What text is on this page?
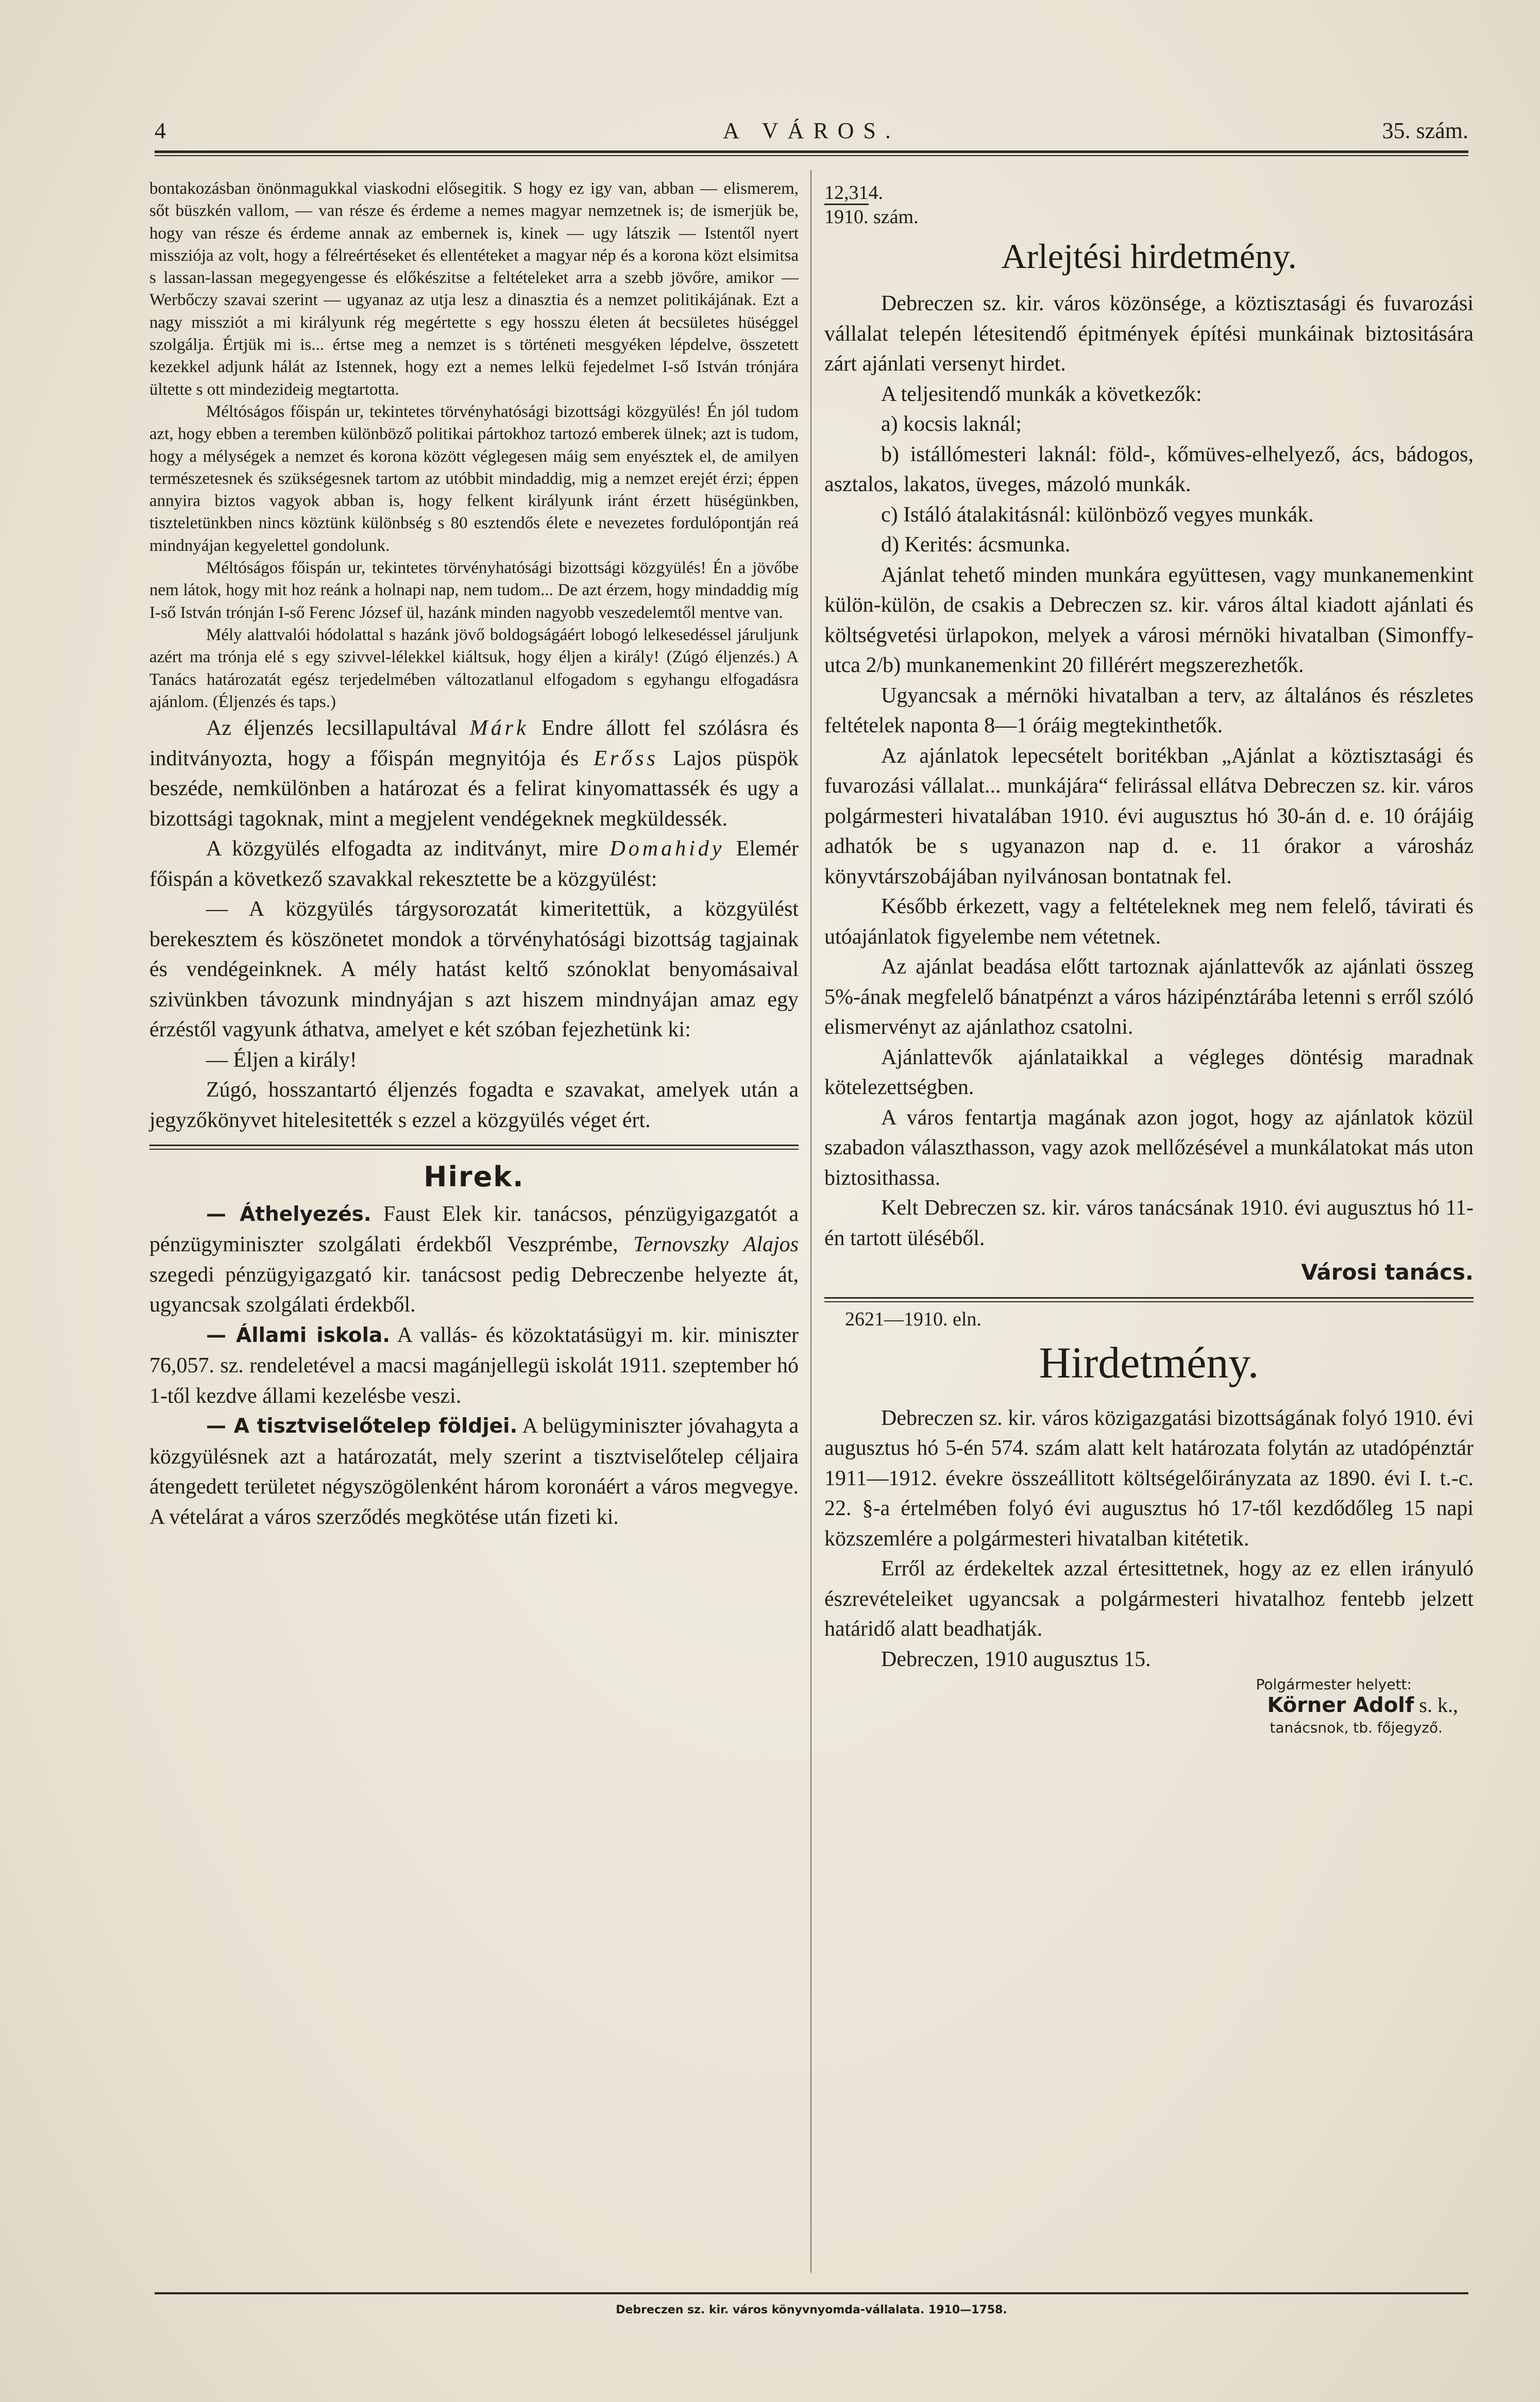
4	A VÁROS.	35. szám.

bontakozásban önönmagukkal viaskodni elősegitik. S hogy ez igy van, abban — elismerem, sőt büszkén vallom, — van része és érdeme a nemes magyar nemzetnek is; de ismerjük be, hogy van része és érdeme annak az embernek is, kinek — ugy látszik — Istentől nyert missziója az volt, hogy a félreértéseket és ellentéteket a magyar nép és a korona közt elsimitsa s lassan-lassan megegyengesse és előkészitse a feltételeket arra a szebb jövőre, amikor — Werbőczy szavai szerint — ugyanaz az utja lesz a dinasztia és a nemzet politikájának. Ezt a nagy missziót a mi királyunk rég megértette s egy hosszu életen át becsületes hüséggel szolgálja. Értjük mi is... értse meg a nemzet is s történeti mesgyéken lépdelve, összetett kezekkel adjunk hálát az Istennek, hogy ezt a nemes lelkü fejedelmet I-ső István trónjára ültette s ott mindezideig megtartotta.

Méltóságos főispán ur, tekintetes törvényhatósági bizottsági közgyülés! Én jól tudom azt, hogy ebben a teremben különböző politikai pártokhoz tartozó emberek ülnek; azt is tudom, hogy a mélységek a nemzet és korona között véglegesen máig sem enyésztek el, de amilyen természetesnek és szükségesnek tartom az utóbbit mindaddig, mig a nemzet erejét érzi; éppen annyira biztos vagyok abban is, hogy felkent királyunk iránt érzett hüségünkben, tiszteletünkben nincs köztünk különbség s 80 esztendős élete e nevezetes fordulópontján reá mindnyájan kegyelettel gondolunk.

Méltóságos főispán ur, tekintetes törvényhatósági bizottsági közgyülés! Én a jövőbe nem látok, hogy mit hoz reánk a holnapi nap, nem tudom... De azt érzem, hogy mindaddig míg I-ső István trónján I-ső Ferenc József ül, hazánk minden nagyobb veszedelemtől mentve van.

Mély alattvalói hódolattal s hazánk jövő boldogságáért lobogó lelkesedéssel járuljunk azért ma trónja elé s egy szivvel-lélekkel kiáltsuk, hogy éljen a király! (Zúgó éljenzés.) A Tanács határozatát egész terjedelmében változatlanul elfogadom s egyhangu elfogadásra ajánlom. (Éljenzés és taps.)

Az éljenzés lecsillapultával Márk Endre állott fel szólásra és inditványozta, hogy a főispán megnyitója és Erőss Lajos püspök beszéde, nemkülönben a határozat és a felirat kinyomattassék és ugy a bizottsági tagoknak, mint a megjelent vendégeknek megküldessék.

A közgyülés elfogadta az inditványt, mire Domahidy Elemér főispán a következő szavakkal rekesztette be a közgyülést:

— A közgyülés tárgysorozatát kimeritettük, a közgyülést berekesztem és köszönetet mondok a törvényhatósági bizottság tagjainak és vendégeinknek. A mély hatást keltő szónoklat benyomásaival szivünkben távozunk mindnyájan s azt hiszem mindnyájan amaz egy érzéstől vagyunk áthatva, amelyet e két szóban fejezhetünk ki:

— Éljen a király!

Zúgó, hosszantartó éljenzés fogadta e szavakat, amelyek után a jegyzőkönyvet hitelesitették s ezzel a közgyülés véget ért.

Hirek.

— Áthelyezés. Faust Elek kir. tanácsos, pénzügyigazgatót a pénzügyminiszter szolgálati érdekből Veszprémbe, Ternovszky Alajos szegedi pénzügyigazgató kir. tanácsost pedig Debreczenbe helyezte át, ugyancsak szolgálati érdekből.

— Állami iskola. A vallás- és közoktatásügyi m. kir. miniszter 76,057. sz. rendeletével a macsi magánjellegü iskolát 1911. szeptember hó 1-től kezdve állami kezelésbe veszi.

— A tisztviselőtelep földjei. A belügyminiszter jóvahagyta a közgyülésnek azt a határozatát, mely szerint a tisztviselőtelep céljaira átengedett területet négyszögölenként három koronáért a város megvegye. A vételárat a város szerződés megkötése után fizeti ki.

12,314.
1910. szám.
Arlejtési hirdetmény.

Debreczen sz. kir. város közönsége, a köztisztasági és fuvarozási vállalat telepén létesitendő épitmények építési munkáinak biztositására zárt ajánlati versenyt hirdet.

A teljesitendő munkák a következők:

a) kocsis laknál;

b) istállómesteri laknál: föld-, kőmüves-elhelyező, ács, bádogos, asztalos, lakatos, üveges, mázoló munkák.

c) Istáló átalakitásnál: különböző vegyes munkák.

d) Kerités: ácsmunka.

Ajánlat tehető minden munkára együttesen, vagy munkanemenkint külön-külön, de csakis a Debreczen sz. kir. város által kiadott ajánlati és költségvetési ürlapokon, melyek a városi mérnöki hivatalban (Simonffy-utca 2/b) munkanemenkint 20 fillérért megszerezhetők.

Ugyancsak a mérnöki hivatalban a terv, az általános és részletes feltételek naponta 8—1 óráig megtekinthetők.

Az ajánlatok lepecsételt boritékban „Ajánlat a köztisztasági és fuvarozási vállalat... munkájára“ felirással ellátva Debreczen sz. kir. város polgármesteri hivatalában 1910. évi augusztus hó 30-án d. e. 10 órájáig adhatók be s ugyanazon nap d. e. 11 órakor a városház könyvtárszobájában nyilvánosan bontatnak fel.

Később érkezett, vagy a feltételeknek meg nem felelő, távirati és utóajánlatok figyelembe nem vétetnek.

Az ajánlat beadása előtt tartoznak ajánlattevők az ajánlati összeg 5%-ának megfelelő bánatpénzt a város házipénztárába letenni s erről szóló elismervényt az ajánlathoz csatolni.

Ajánlattevők ajánlataikkal a végleges döntésig maradnak kötelezettségben.

A város fentartja magának azon jogot, hogy az ajánlatok közül szabadon választhasson, vagy azok mellőzésével a munkálatokat más uton biztosithassa.

Kelt Debreczen sz. kir. város tanácsának 1910. évi augusztus hó 11-én tartott üléséből.

Városi tanács.
2621—1910. eln.
Hirdetmény.

Debreczen sz. kir. város közigazgatási bizottságának folyó 1910. évi augusztus hó 5-én 574. szám alatt kelt határozata folytán az utadópénztár 1911—1912. évekre összeállitott költségelőirányzata az 1890. évi I. t.-c. 22. §-a értelmében folyó évi augusztus hó 17-től kezdődőleg 15 napi közszemlére a polgármesteri hivatalban kitétetik.

Erről az érdekeltek azzal értesittetnek, hogy az ez ellen irányuló észrevételeiket ugyancsak a polgármesteri hivatalhoz fentebb jelzett határidő alatt beadhatják.

Debreczen, 1910 augusztus 15.

Polgármester helyett:
Körner Adolf s. k.,
tanácsnok, tb. főjegyző.
Debreczen sz. kir. város könyvnyomda-vállalata. 1910—1758.
